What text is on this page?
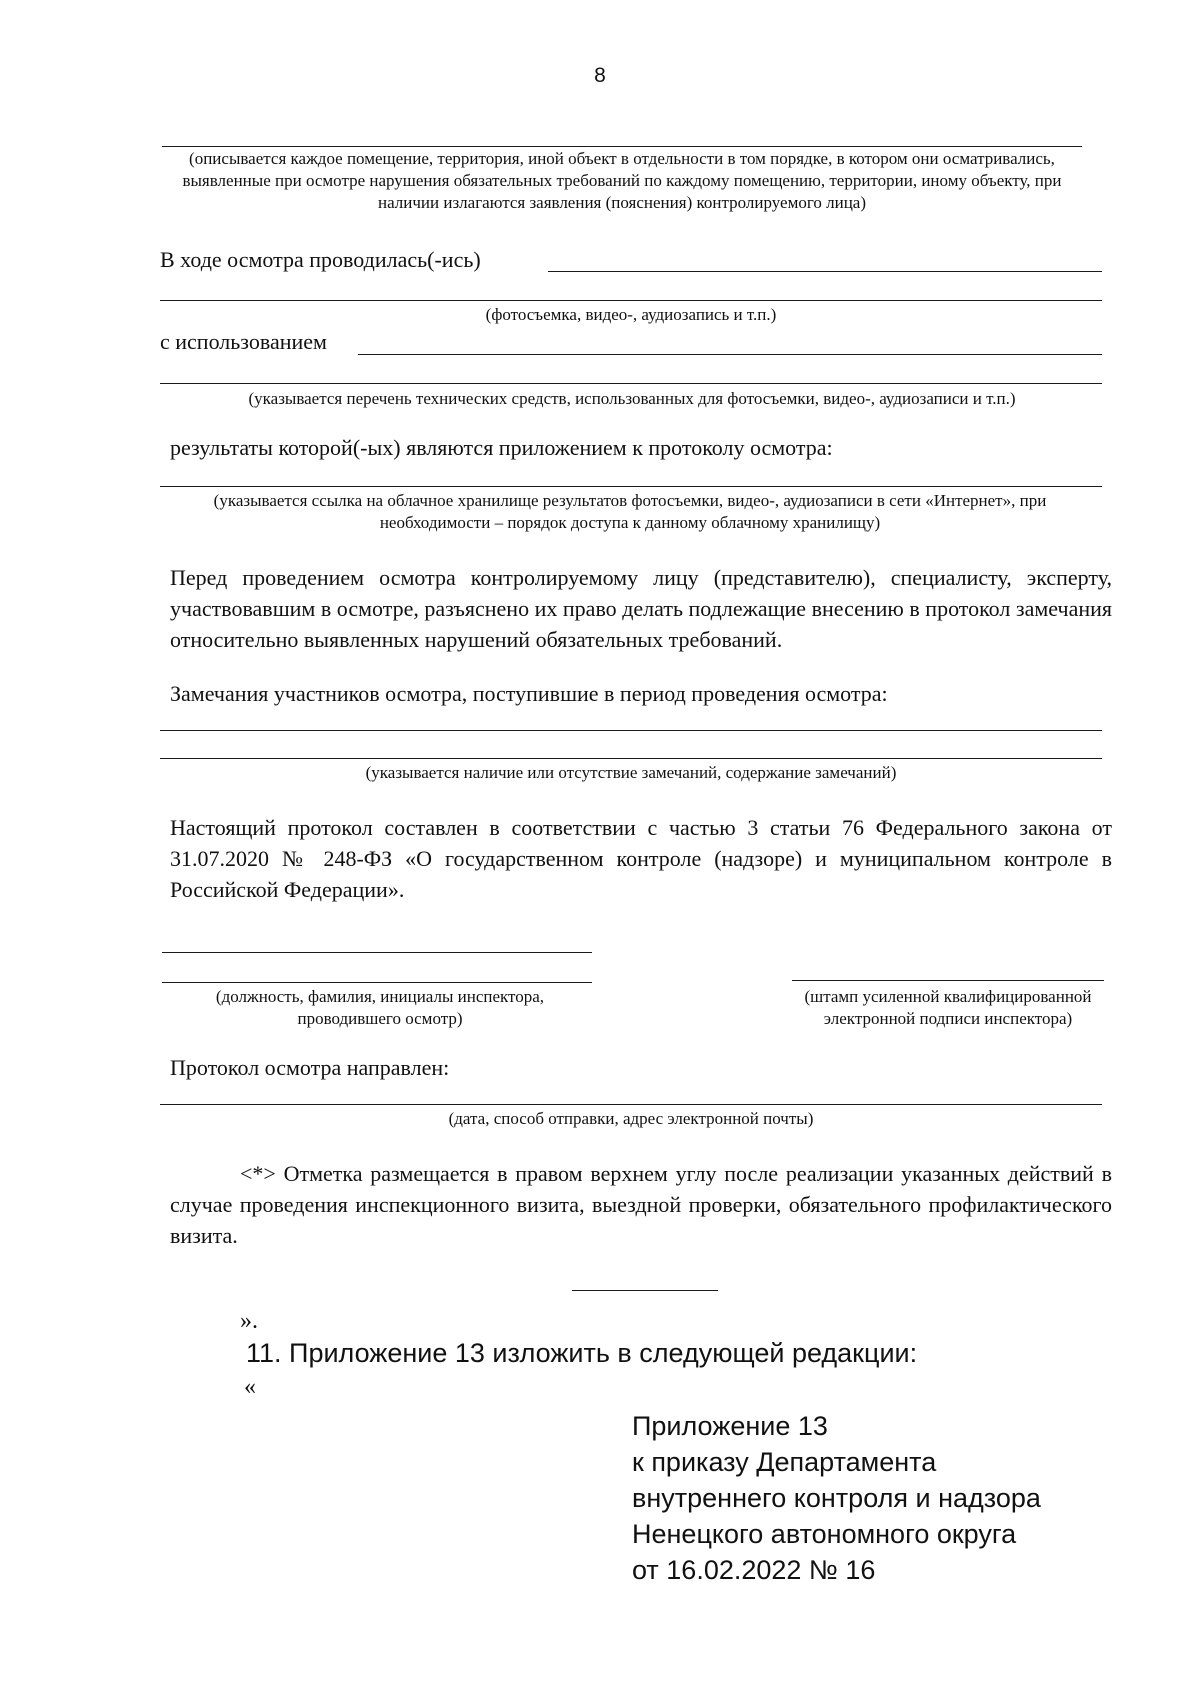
8
(описывается каждое помещение, территория, иной объект в отдельности в том порядке, в котором они осматривались, выявленные при осмотре нарушения обязательных требований по каждому помещению, территории, иному объекту, при наличии излагаются заявления (пояснения) контролируемого лица)
В ходе осмотра проводилась(-ись)
(фотосъемка, видео-, аудиозапись и т.п.)
с использованием
(указывается перечень технических средств, использованных для фотосъемки, видео-, аудиозаписи и т.п.)
результаты которой(-ых) являются приложением к протоколу осмотра:
(указывается ссылка на облачное хранилище результатов фотосъемки, видео-, аудиозаписи в сети «Интернет», при необходимости – порядок доступа к данному облачному хранилищу)
Перед проведением осмотра контролируемому лицу (представителю), специалисту, эксперту, участвовавшим в осмотре, разъяснено их право делать подлежащие внесению в протокол замечания относительно выявленных нарушений обязательных требований.
Замечания участников осмотра, поступившие в период проведения осмотра:
(указывается наличие или отсутствие замечаний, содержание замечаний)
Настоящий протокол составлен в соответствии с частью 3 статьи 76 Федерального закона от 31.07.2020 № 248-ФЗ «О государственном контроле (надзоре) и муниципальном контроле в Российской Федерации».
(должность, фамилия, инициалы инспектора, проводившего осмотр)
(штамп усиленной квалифицированной электронной подписи инспектора)
Протокол осмотра направлен:
(дата, способ отправки, адрес электронной почты)
<*> Отметка размещается в правом верхнем углу после реализации указанных действий в случае проведения инспекционного визита, выездной проверки, обязательного профилактического визита.
».
11. Приложение 13 изложить в следующей редакции:
«
Приложение 13
к приказу Департамента
внутреннего контроля и надзора
Ненецкого автономного округа
от 16.02.2022 № 16
